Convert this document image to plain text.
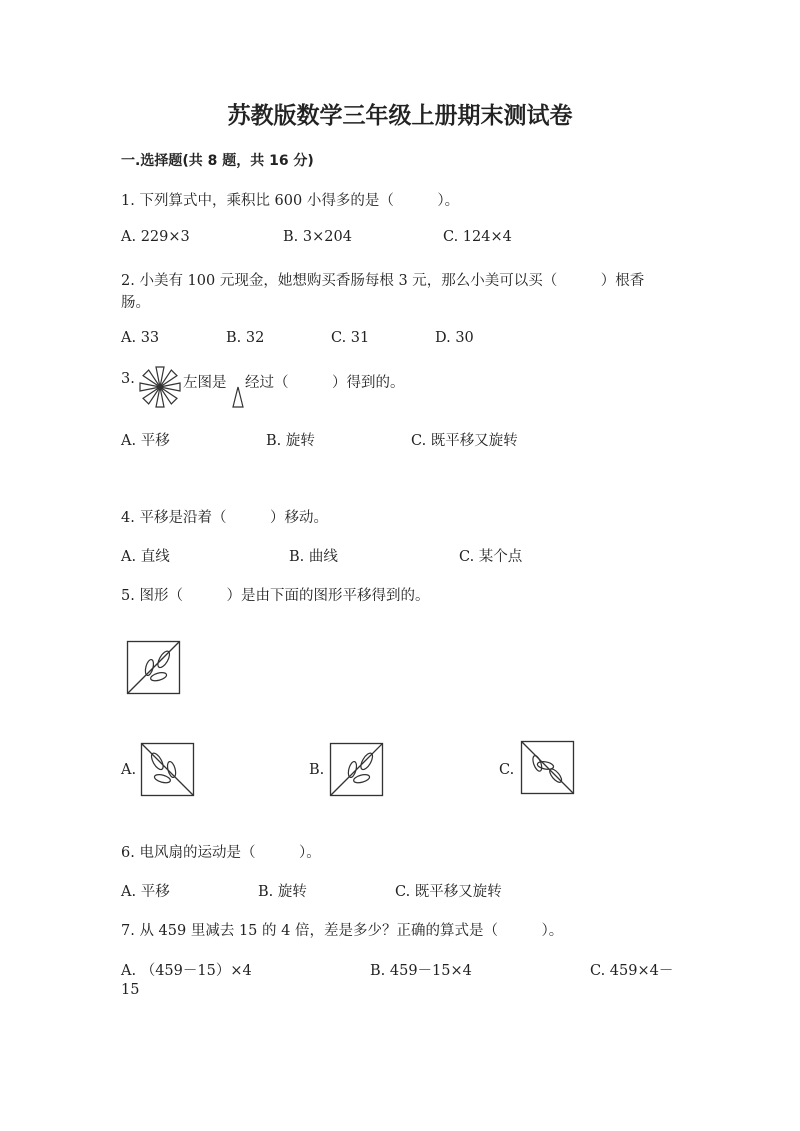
苏教版数学三年级上册期末测试卷
一.选择题(共 8 题，共 16 分)
1. 下列算式中，乘积比 600 小得多的是（　　　）。
A. 229×3	B. 3×204	C. 124×4
2. 小美有 100 元现金，她想购买香肠每根 3 元，那么小美可以买（　　　）根香
肠。
A. 33	B. 32	C. 31	D. 30
3.	左图是 经过（　　　）得到的。
A. 平移	B. 旋转	C. 既平移又旋转
4. 平移是沿着（　　　）移动。
A. 直线	B. 曲线	C. 某个点
5. 图形（　　　）是由下面的图形平移得到的。
A.	B.	C.
6. 电风扇的运动是（　　　）。
A. 平移	B. 旋转	C. 既平移又旋转
7. 从 459 里减去 15 的 4 倍，差是多少？正确的算式是（　　　）。
A. （459－15）×4	B. 459－15×4	C. 459×4－
15
